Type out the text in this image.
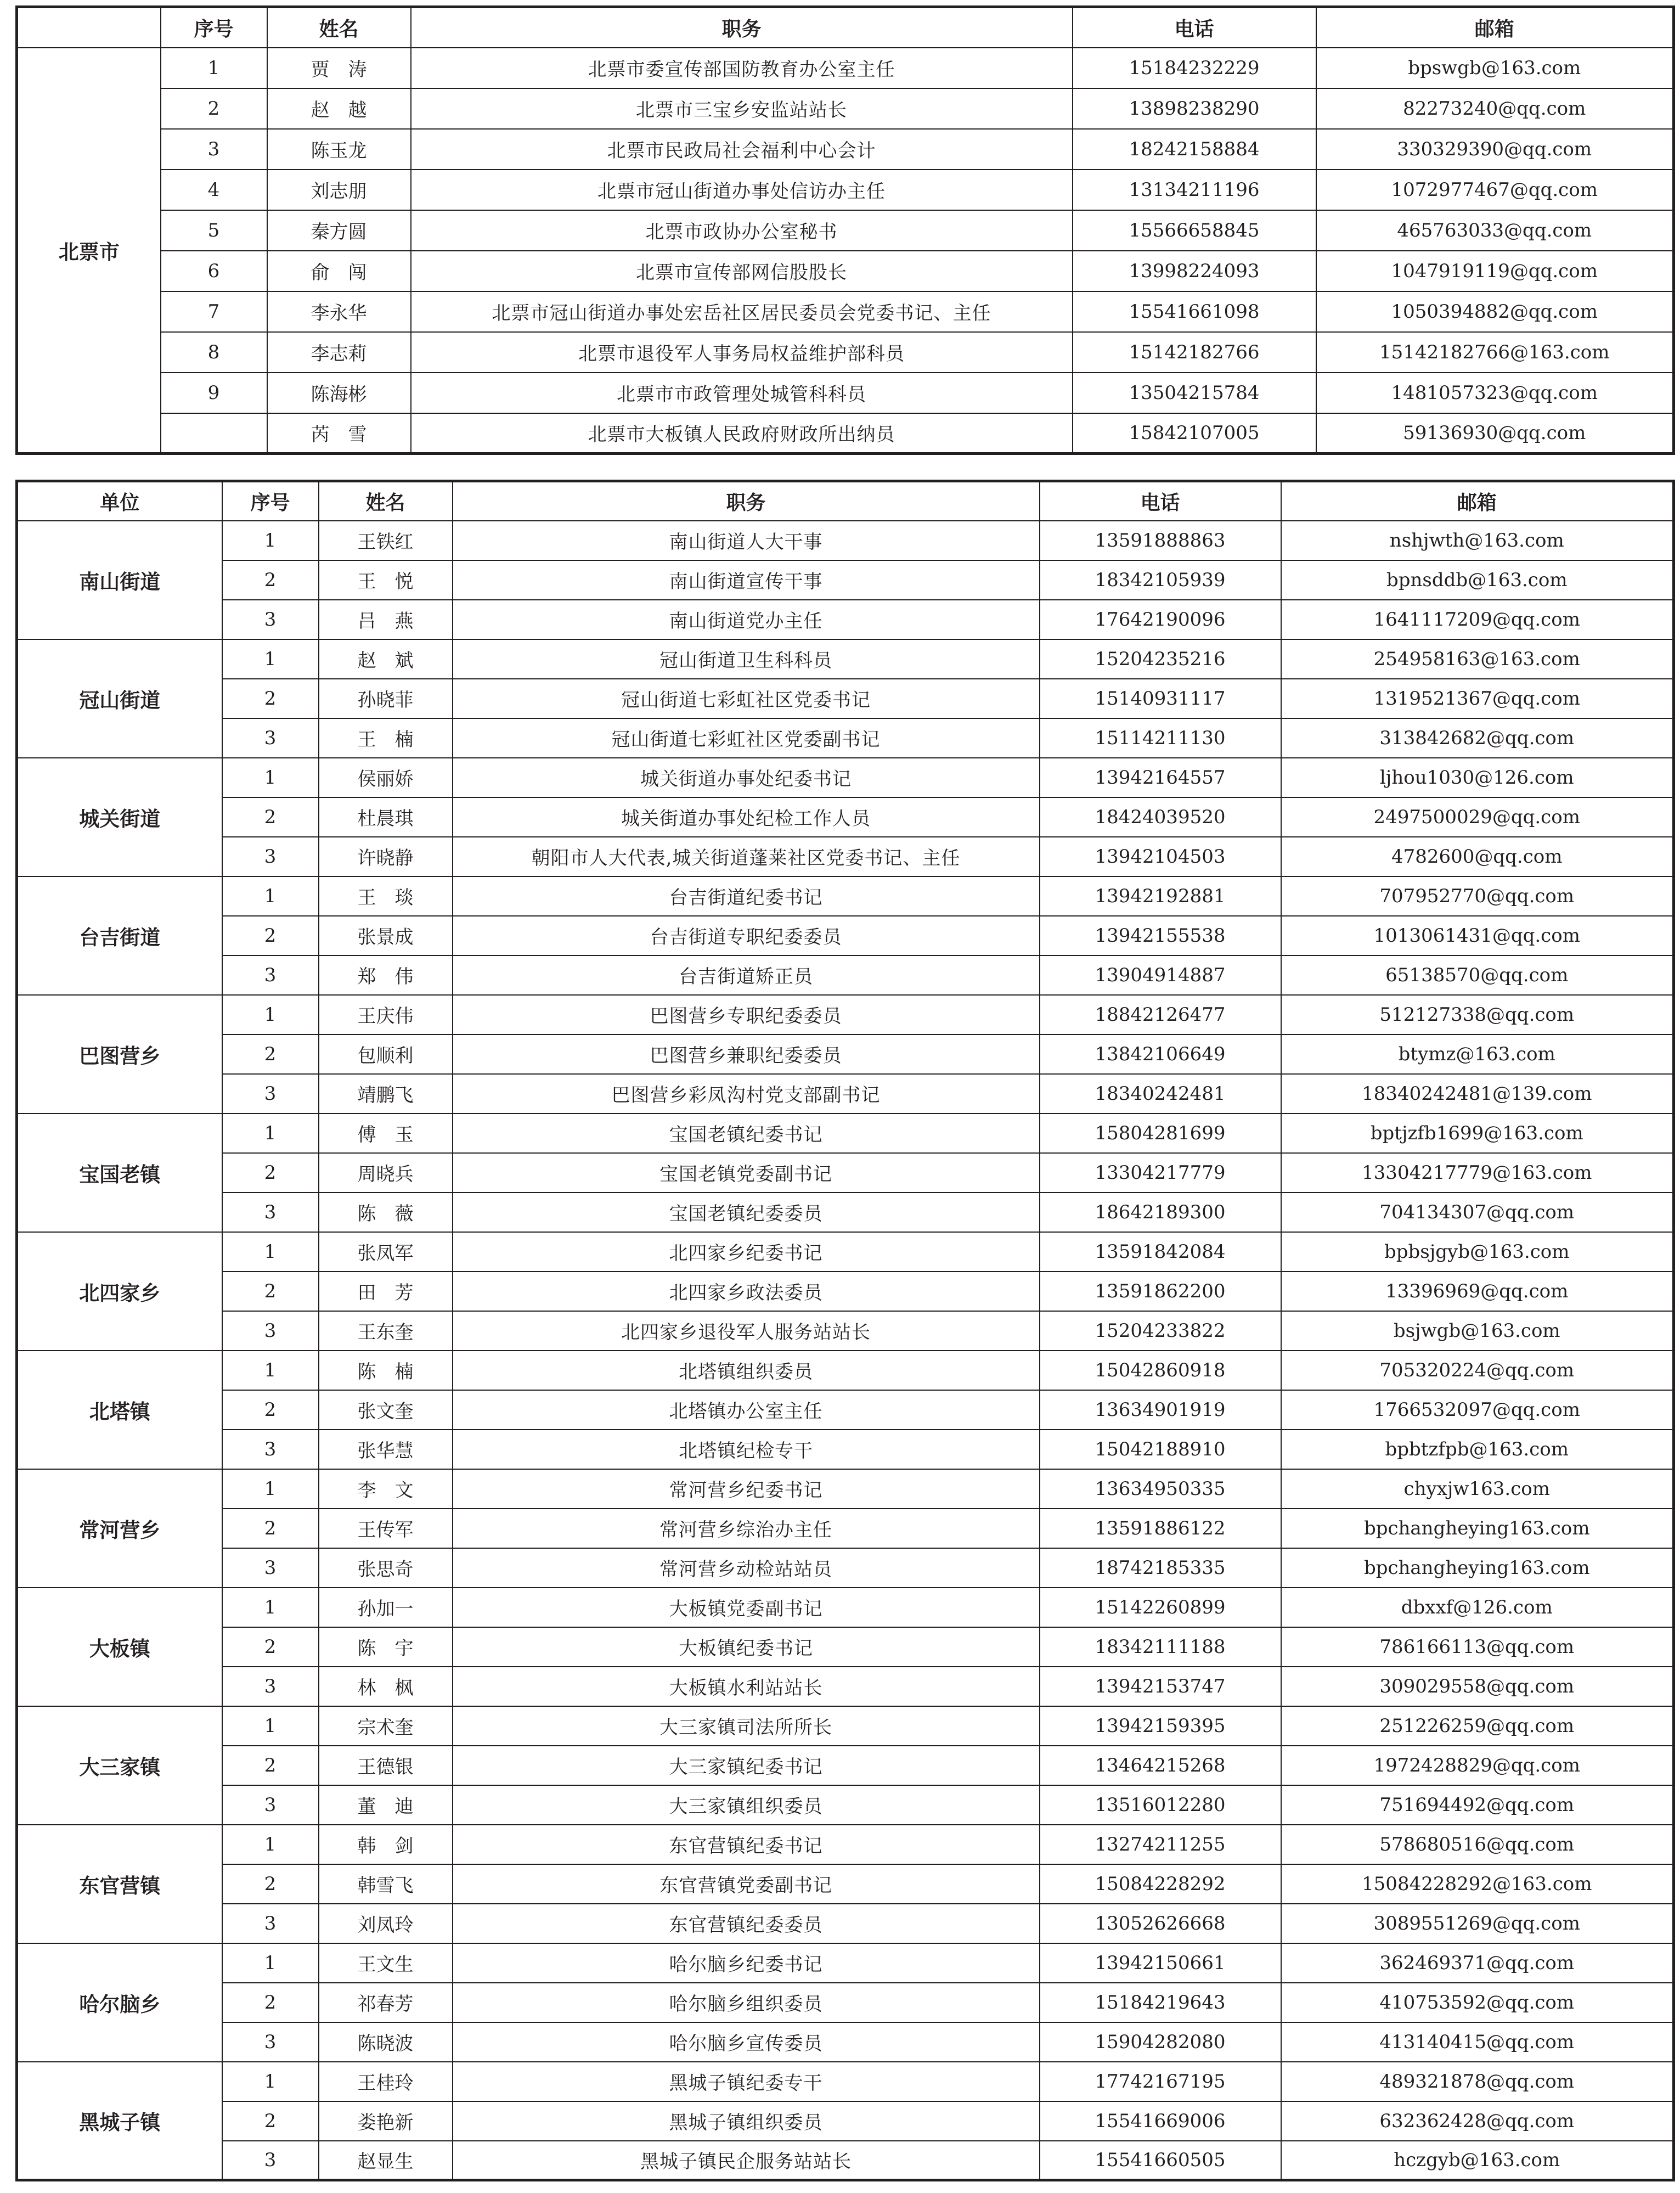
	序号	姓名	职务	电话	邮箱
北票市	1	贾　涛	北票市委宣传部国防教育办公室主任	15184232229	bpswgb@163.com
	2	赵　越	北票市三宝乡安监站站长	13898238290	82273240@qq.com
	3	陈玉龙	北票市民政局社会福利中心会计	18242158884	330329390@qq.com
	4	刘志朋	北票市冠山街道办事处信访办主任	13134211196	1072977467@qq.com
	5	秦方圆	北票市政协办公室秘书	15566658845	465763033@qq.com
	6	俞　闯	北票市宣传部网信股股长	13998224093	1047919119@qq.com
	7	李永华	北票市冠山街道办事处宏岳社区居民委员会党委书记、主任	15541661098	1050394882@qq.com
	8	李志莉	北票市退役军人事务局权益维护部科员	15142182766	15142182766@163.com
	9	陈海彬	北票市市政管理处城管科科员	13504215784	1481057323@qq.com
		芮　雪	北票市大板镇人民政府财政所出纳员	15842107005	59136930@qq.com
单位	序号	姓名	职务	电话	邮箱
南山街道	1	王铁红	南山街道人大干事	13591888863	nshjwth@163.com
	2	王　悦	南山街道宣传干事	18342105939	bpnsddb@163.com
	3	吕　燕	南山街道党办主任	17642190096	1641117209@qq.com
冠山街道	1	赵　斌	冠山街道卫生科科员	15204235216	254958163@163.com
	2	孙晓菲	冠山街道七彩虹社区党委书记	15140931117	1319521367@qq.com
	3	王　楠	冠山街道七彩虹社区党委副书记	15114211130	313842682@qq.com
城关街道	1	侯丽娇	城关街道办事处纪委书记	13942164557	ljhou1030@126.com
	2	杜晨琪	城关街道办事处纪检工作人员	18424039520	2497500029@qq.com
	3	许晓静	朝阳市人大代表,城关街道蓬莱社区党委书记、主任	13942104503	4782600@qq.com
台吉街道	1	王　琰	台吉街道纪委书记	13942192881	707952770@qq.com
	2	张景成	台吉街道专职纪委委员	13942155538	1013061431@qq.com
	3	郑　伟	台吉街道矫正员	13904914887	65138570@qq.com
巴图营乡	1	王庆伟	巴图营乡专职纪委委员	18842126477	512127338@qq.com
	2	包顺利	巴图营乡兼职纪委委员	13842106649	btymz@163.com
	3	靖鹏飞	巴图营乡彩凤沟村党支部副书记	18340242481	18340242481@139.com
宝国老镇	1	傅　玉	宝国老镇纪委书记	15804281699	bptjzfb1699@163.com
	2	周晓兵	宝国老镇党委副书记	13304217779	13304217779@163.com
	3	陈　薇	宝国老镇纪委委员	18642189300	704134307@qq.com
北四家乡	1	张凤军	北四家乡纪委书记	13591842084	bpbsjgyb@163.com
	2	田　芳	北四家乡政法委员	13591862200	13396969@qq.com
	3	王东奎	北四家乡退役军人服务站站长	15204233822	bsjwgb@163.com
北塔镇	1	陈　楠	北塔镇组织委员	15042860918	705320224@qq.com
	2	张文奎	北塔镇办公室主任	13634901919	1766532097@qq.com
	3	张华慧	北塔镇纪检专干	15042188910	bpbtzfpb@163.com
常河营乡	1	李　文	常河营乡纪委书记	13634950335	chyxjw163.com
	2	王传军	常河营乡综治办主任	13591886122	bpchangheying163.com
	3	张思奇	常河营乡动检站站员	18742185335	bpchangheying163.com
大板镇	1	孙加一	大板镇党委副书记	15142260899	dbxxf@126.com
	2	陈　宇	大板镇纪委书记	18342111188	786166113@qq.com
	3	林　枫	大板镇水利站站长	13942153747	309029558@qq.com
大三家镇	1	宗术奎	大三家镇司法所所长	13942159395	251226259@qq.com
	2	王德银	大三家镇纪委书记	13464215268	1972428829@qq.com
	3	董　迪	大三家镇组织委员	13516012280	751694492@qq.com
东官营镇	1	韩　剑	东官营镇纪委书记	13274211255	578680516@qq.com
	2	韩雪飞	东官营镇党委副书记	15084228292	15084228292@163.com
	3	刘凤玲	东官营镇纪委委员	13052626668	3089551269@qq.com
哈尔脑乡	1	王文生	哈尔脑乡纪委书记	13942150661	362469371@qq.com
	2	祁春芳	哈尔脑乡组织委员	15184219643	410753592@qq.com
	3	陈晓波	哈尔脑乡宣传委员	15904282080	413140415@qq.com
黑城子镇	1	王桂玲	黑城子镇纪委专干	17742167195	489321878@qq.com
	2	娄艳新	黑城子镇组织委员	15541669006	632362428@qq.com
	3	赵显生	黑城子镇民企服务站站长	15541660505	hczgyb@163.com
